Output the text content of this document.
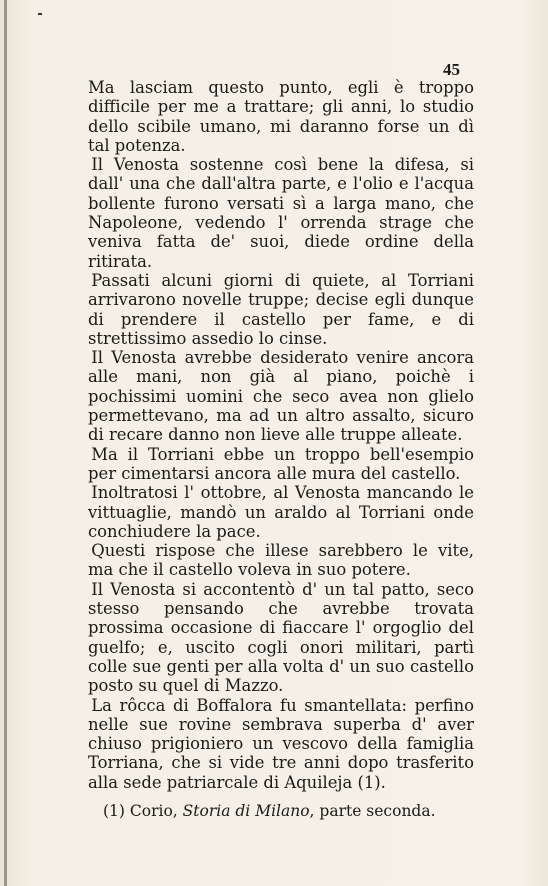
45

Ma lasciam questo punto, egli è troppo difficile per me a trattare; gli anni, lo studio dello scibile umano, mi daranno forse un dì tal potenza.

Il Venosta sostenne così bene la difesa, si dall' una che dall'altra parte, e l'olio e l'acqua bollente furono versati sì a larga mano, che Napoleone, vedendo l' orrenda strage che veniva fatta de' suoi, diede ordine della ritirata.

Passati alcuni giorni di quiete, al Torriani arrivarono novelle truppe; decise egli dunque di prendere il castello per fame, e di strettissimo assedio lo cinse.

Il Venosta avrebbe desiderato venire ancora alle mani, non già al piano, poichè i pochissimi uomini che seco avea non glielo permettevano, ma ad un altro assalto, sicuro di recare danno non lieve alle truppe alleate.

Ma il Torriani ebbe un troppo bell'esempio per cimentarsi ancora alle mura del castello.

Inoltratosi l' ottobre, al Venosta mancando le vittuaglie, mandò un araldo al Torriani onde conchiudere la pace.

Questi rispose che illese sarebbero le vite, ma che il castello voleva in suo potere.

Il Venosta si accontentò d' un tal patto, seco stesso pensando che avrebbe trovata prossima occasione di fiaccare l' orgoglio del guelfo; e, uscito cogli onori militari, partì colle sue genti per alla volta d' un suo castello posto su quel di Mazzo.

La rôcca di Boffalora fu smantellata: perfino nelle sue rovine sembrava superba d' aver chiuso prigioniero un vescovo della famiglia Torriana, che si vide tre anni dopo trasferito alla sede patriarcale di Aquileja (1).

(1) Corio, Storia di Milano, parte seconda.
